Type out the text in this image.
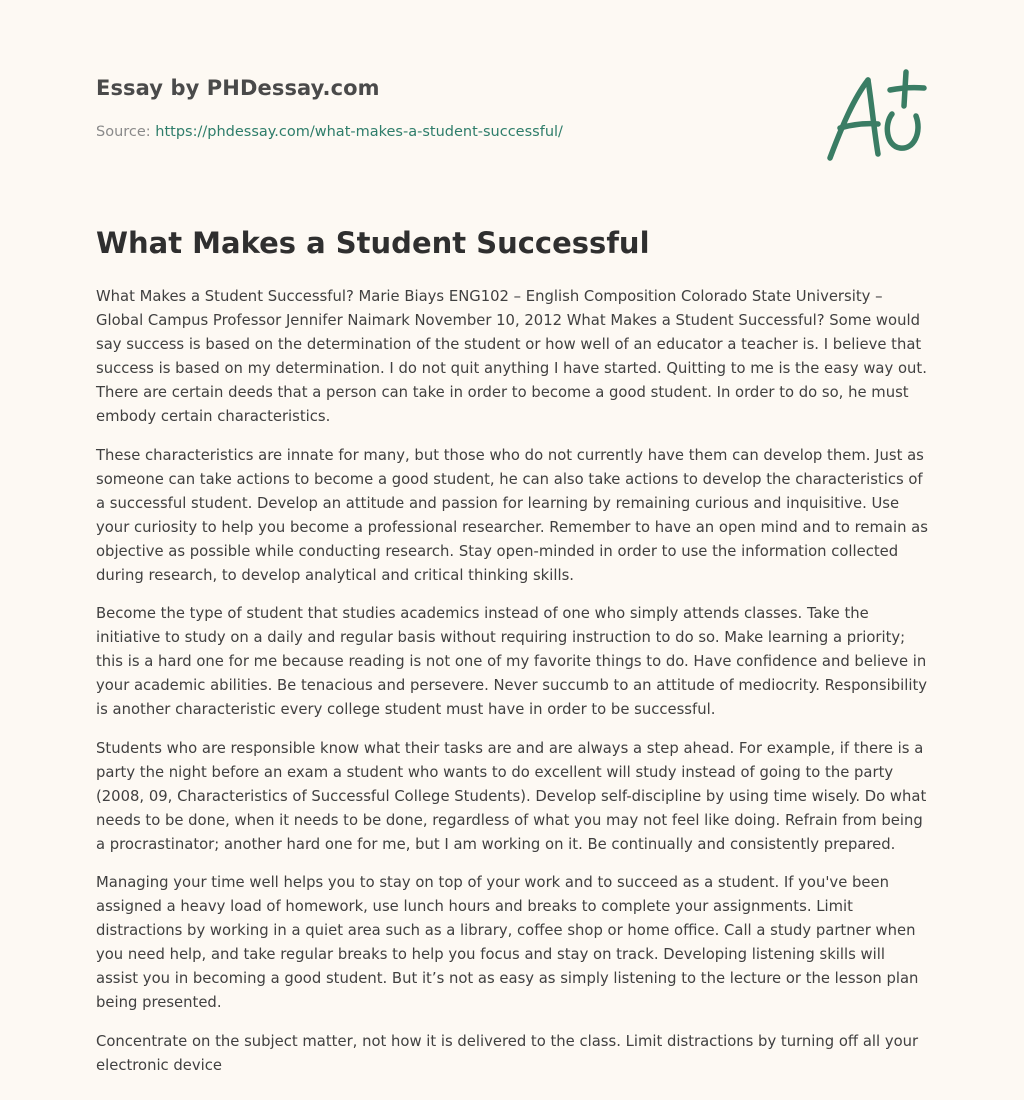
Essay by PHDessay.com

Source: https://phdessay.com/what-makes-a-student-successful/

What Makes a Student Successful

What Makes a Student Successful? Marie Biays ENG102 – English Composition Colorado State University – Global Campus Professor Jennifer Naimark November 10, 2012 What Makes a Student Successful? Some would say success is based on the determination of the student or how well of an educator a teacher is. I believe that success is based on my determination. I do not quit anything I have started. Quitting to me is the easy way out. There are certain deeds that a person can take in order to become a good student. In order to do so, he must embody certain characteristics.

These characteristics are innate for many, but those who do not currently have them can develop them. Just as someone can take actions to become a good student, he can also take actions to develop the characteristics of a successful student. Develop an attitude and passion for learning by remaining curious and inquisitive. Use your curiosity to help you become a professional researcher. Remember to have an open mind and to remain as objective as possible while conducting research. Stay open-minded in order to use the information collected during research, to develop analytical and critical thinking skills.

Become the type of student that studies academics instead of one who simply attends classes. Take the initiative to study on a daily and regular basis without requiring instruction to do so. Make learning a priority; this is a hard one for me because reading is not one of my favorite things to do. Have confidence and believe in your academic abilities. Be tenacious and persevere. Never succumb to an attitude of mediocrity. Responsibility is another characteristic every college student must have in order to be successful.

Students who are responsible know what their tasks are and are always a step ahead. For example, if there is a party the night before an exam a student who wants to do excellent will study instead of going to the party (2008, 09, Characteristics of Successful College Students). Develop self-discipline by using time wisely. Do what needs to be done, when it needs to be done, regardless of what you may not feel like doing. Refrain from being a procrastinator; another hard one for me, but I am working on it. Be continually and consistently prepared.

Managing your time well helps you to stay on top of your work and to succeed as a student. If you've been assigned a heavy load of homework, use lunch hours and breaks to complete your assignments. Limit distractions by working in a quiet area such as a library, coffee shop or home office. Call a study partner when you need help, and take regular breaks to help you focus and stay on track. Developing listening skills will assist you in becoming a good student. But it’s not as easy as simply listening to the lecture or the lesson plan being presented.

Concentrate on the subject matter, not how it is delivered to the class. Limit distractions by turning off all your electronic device
